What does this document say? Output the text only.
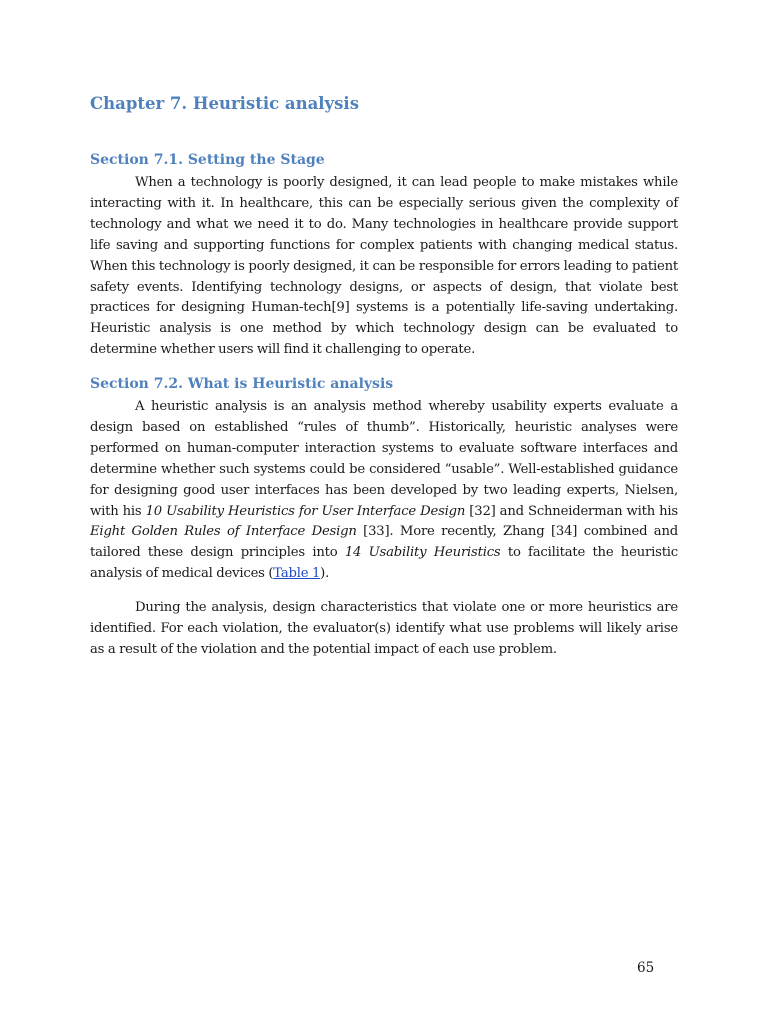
Chapter 7. Heuristic analysis
Section 7.1. Setting the Stage

When a technology is poorly designed, it can lead people to make mistakes while interacting with it. In healthcare, this can be especially serious given the complexity of technology and what we need it to do. Many technologies in healthcare provide support life saving and supporting functions for complex patients with changing medical status. When this technology is poorly designed, it can be responsible for errors leading to patient safety events. Identifying technology designs, or aspects of design, that violate best practices for designing Human-tech[9] systems is a potentially life-saving undertaking. Heuristic analysis is one method by which technology design can be evaluated to determine whether users will find it challenging to operate.

Section 7.2. What is Heuristic analysis

A heuristic analysis is an analysis method whereby usability experts evaluate a design based on established “rules of thumb”. Historically, heuristic analyses were performed on human-computer interaction systems to evaluate software interfaces and determine whether such systems could be considered “usable”. Well-established guidance for designing good user interfaces has been developed by two leading experts, Nielsen, with his 10 Usability Heuristics for User Interface Design [32] and Schneiderman with his Eight Golden Rules of Interface Design [33]. More recently, Zhang [34] combined and tailored these design principles into 14 Usability Heuristics to facilitate the heuristic analysis of medical devices (Table 1).

During the analysis, design characteristics that violate one or more heuristics are identified. For each violation, the evaluator(s) identify what use problems will likely arise as a result of the violation and the potential impact of each use problem.

65
